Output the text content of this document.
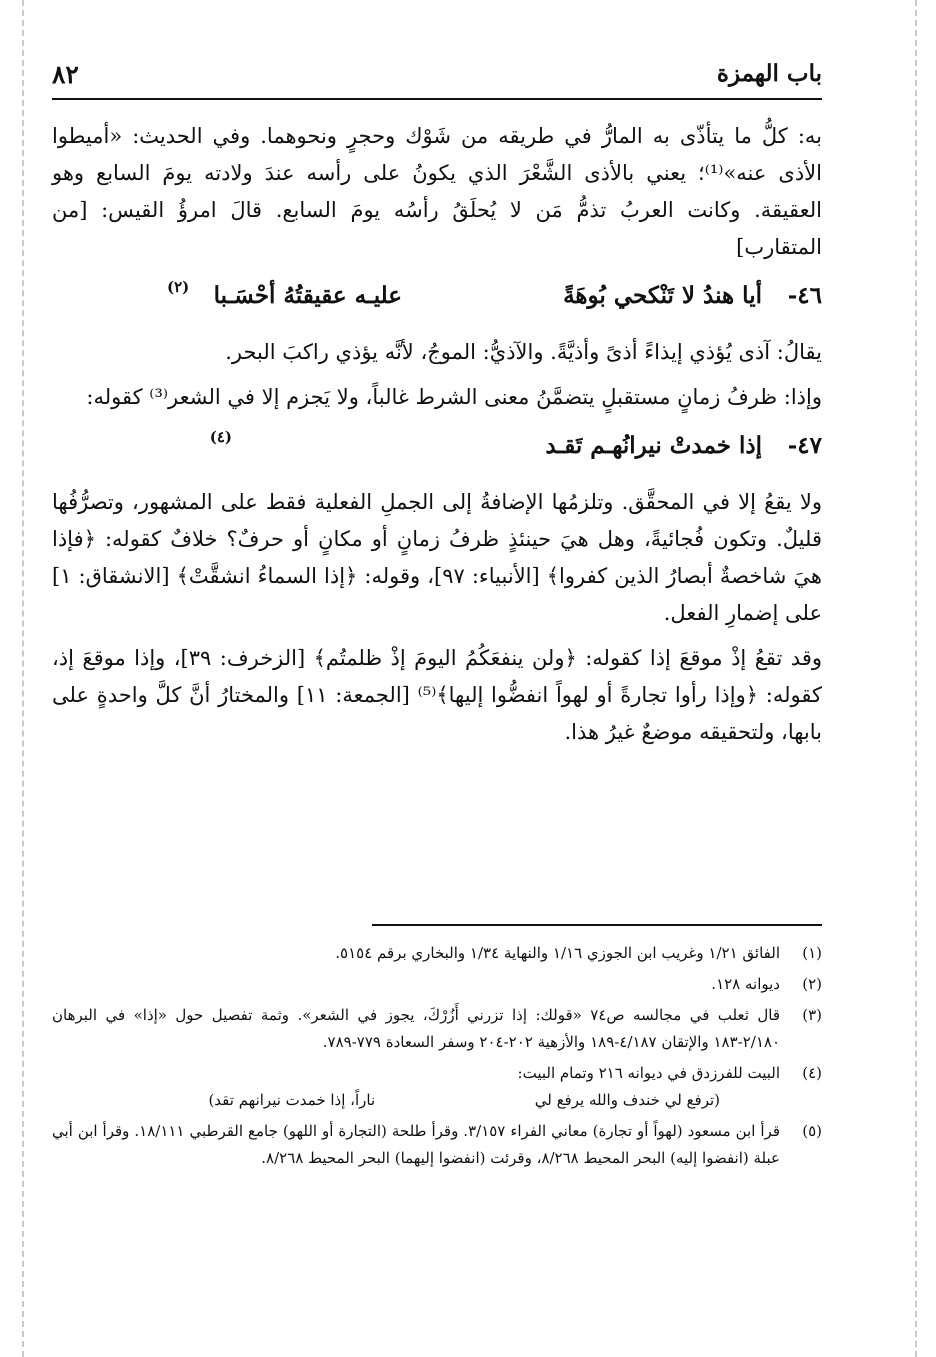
باب الهمزة
٨٢

به: كلُّ ما يتأذّى به المارُّ في طريقه من شَوْك وحجرٍ ونحوهما. وفي الحديث: «أميطوا الأذى عنه»⁽¹⁾؛ يعني بالأذى الشَّعْرَ الذي يكونُ على رأسه عندَ ولادته يومَ السابع وهو العقيقة. وكانت العربُ تذمُّ مَن لا يُحلَقُ رأسُه يومَ السابع. قالَ امرؤُ القيس: [من المتقارب]

٤٦-
أيا هندُ لا تَنْكحي بُوهَةً
عليـه عقيقتُهُ أحْسَـبا
(٢)

يقالُ: آذى يُؤذي إيذاءً أذىً وأذيَّةً. والآذيُّ: الموجُ، لأنَّه يؤذي راكبَ البحر.

وإذا: ظرفُ زمانٍ مستقبلٍ يتضمَّنُ معنى الشرط غالباً، ولا يَجزم إلا في الشعر⁽³⁾ كقوله:

٤٧-
إذا خمدتْ نيرانُهـم تَقـد
(٤)

ولا يقعُ إلا في المحقَّق. وتلزمُها الإضافةُ إلى الجملِ الفعلية فقط على المشهور، وتصرُّفُها قليلٌ. وتكون فُجائيةً، وهل هيَ حينئذٍ ظرفُ زمانٍ أو مكانٍ أو حرفٌ؟ خلافٌ كقوله: ﴿فإذا هيَ شاخصةٌ أبصارُ الذين كفروا﴾ [الأنبياء: ٩٧]، وقوله: ﴿إذا السماءُ انشقَّتْ﴾ [الانشقاق: ١] على إضمارِ الفعل.

وقد تقعُ إذْ موقعَ إذا كقوله: ﴿ولن ينفعَكُمُ اليومَ إذْ ظلمتُم﴾ [الزخرف: ٣٩]، وإذا موقعَ إذ، كقوله: ﴿وإذا رأوا تجارةً أو لهواً انفضُّوا إليها﴾⁽⁵⁾ [الجمعة: ١١] والمختارُ أنَّ كلَّ واحدةٍ على بابها، ولتحقيقه موضعٌ غيرُ هذا.

(١)
الفائق ١/٢١ وغريب ابن الجوزي ١/١٦ والنهاية ١/٣٤ والبخاري برقم ٥١٥٤.
(٢)
ديوانه ١٢٨.
(٣)
قال ثعلب في مجالسه ص٧٤ «قولك: إذا تزرني أَزُرْكَ، يجوز في الشعر». وثمة تفصيل حول «إذا» في البرهان ٢/١٨٠-١٨٣ والإتقان ٤/١٨٧-١٨٩ والأزهية ٢٠٢-٢٠٤ وسفر السعادة ٧٧٩-٧٨٩.
(٤)
البيت للفرزدق في ديوانه ٢١٦ وتمام البيت:
(ترفع لي خندف والله يرفع لي  ناراً، إذا خمدت نيرانهم تقد)
(٥)
قرأ ابن مسعود (لهواً أو تجارة) معاني الفراء ٣/١٥٧. وقرأ طلحة (التجارة أو اللهو) جامع القرطبي ١٨/١١١. وقرأ ابن أبي عبلة (انفضوا إليه) البحر المحيط ٨/٢٦٨، وقرئت (انفضوا إليهما) البحر المحيط ٨/٢٦٨.
